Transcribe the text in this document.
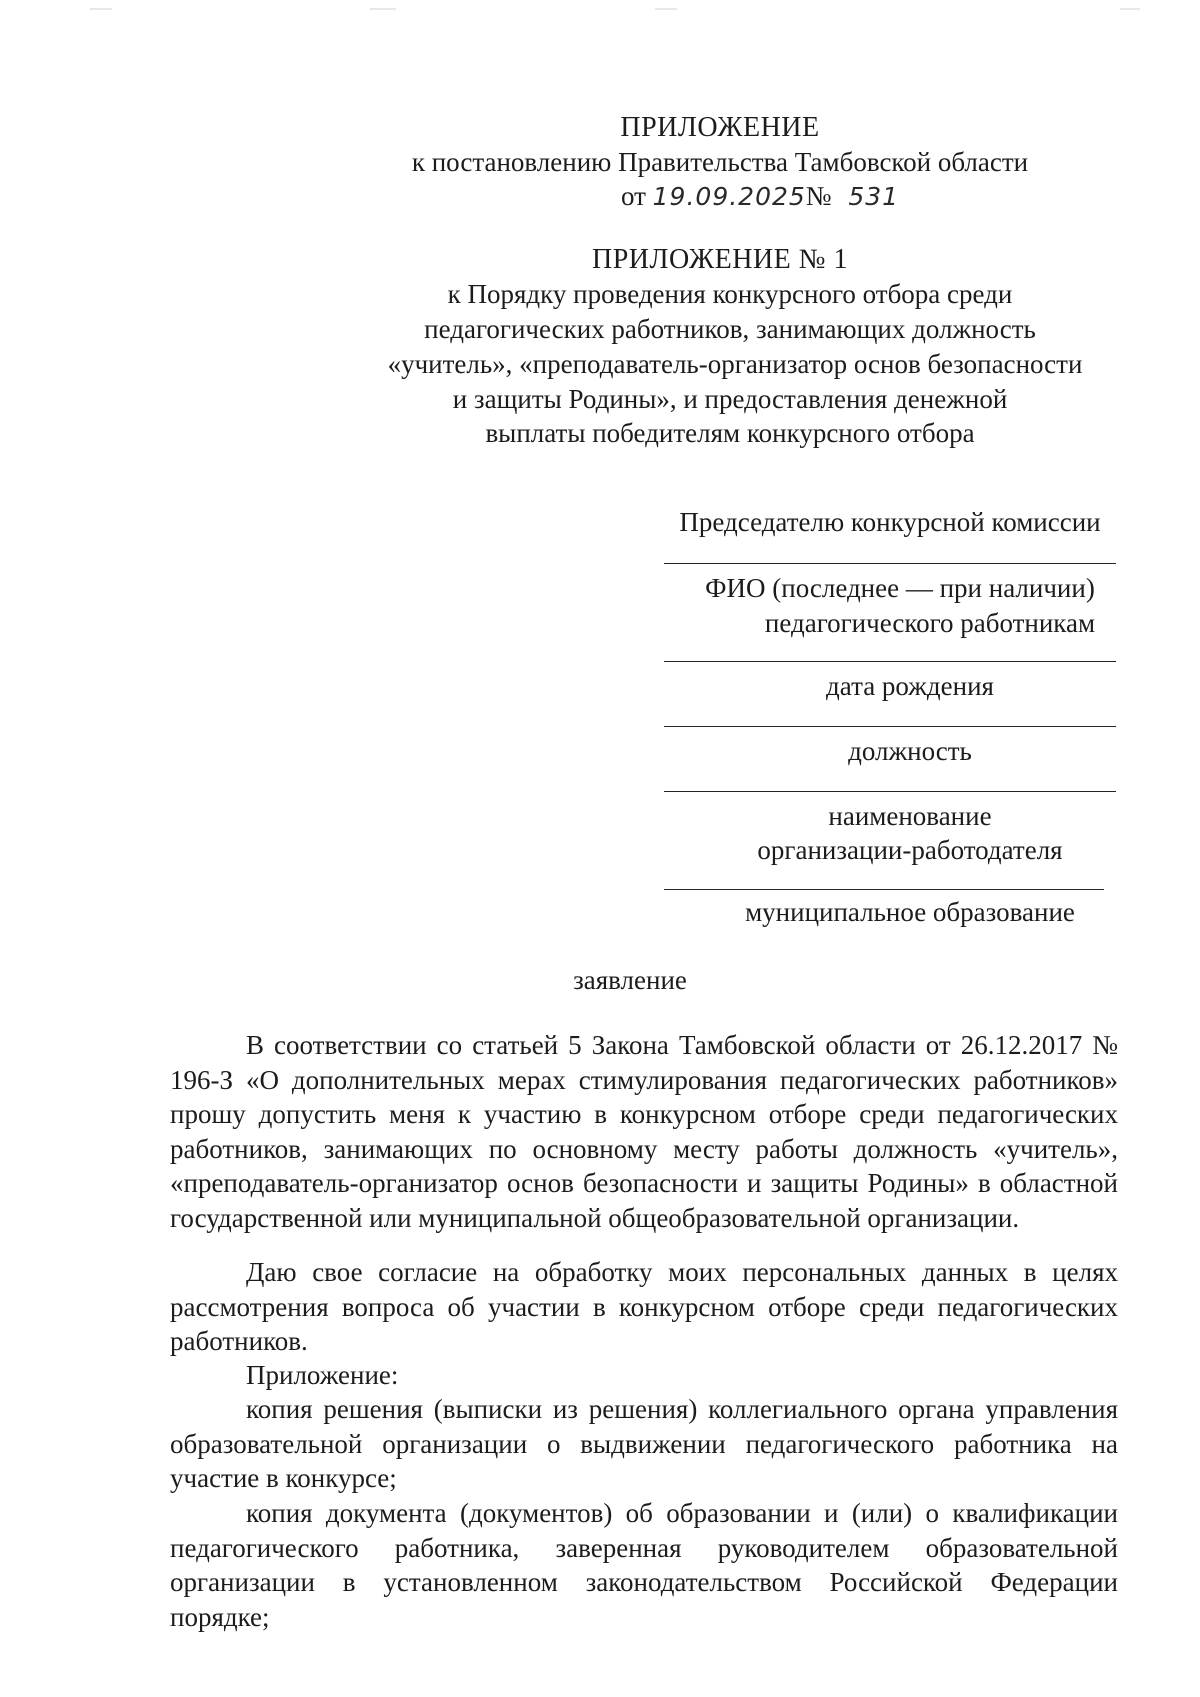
ПРИЛОЖЕНИЕ
к постановлению Правительства Тамбовской области
от 19.09.2025№ 531
ПРИЛОЖЕНИЕ № 1
к Порядку проведения конкурсного отбора среди
педагогических работников, занимающих должность
«учитель», «преподаватель-организатор основ безопасности
и защиты Родины», и предоставления денежной
выплаты победителям конкурсного отбора
Председателю конкурсной комиссии
ФИО (последнее — при наличии)
педагогического работникам
дата рождения
должность
наименование
организации-работодателя
муниципальное образование
заявление

В соответствии со статьей 5 Закона Тамбовской области от 26.12.2017 № 196-З «О дополнительных мерах стимулирования педагогических работников» прошу допустить меня к участию в конкурсном отборе среди педагогических работников, занимающих по основному месту работы должность «учитель», «преподаватель-организатор основ безопасности и защиты Родины» в областной государственной или муниципальной общеобразовательной организации.

Даю свое согласие на обработку моих персональных данных в целях рассмотрения вопроса об участии в конкурсном отборе среди педагогических работников.

Приложение:

копия решения (выписки из решения) коллегиального органа управления образовательной организации о выдвижении педагогического работника на участие в конкурсе;

копия документа (документов) об образовании и (или) о квалификации педагогического работника, заверенная руководителем образовательной организации в установленном законодательством Российской Федерации порядке;
